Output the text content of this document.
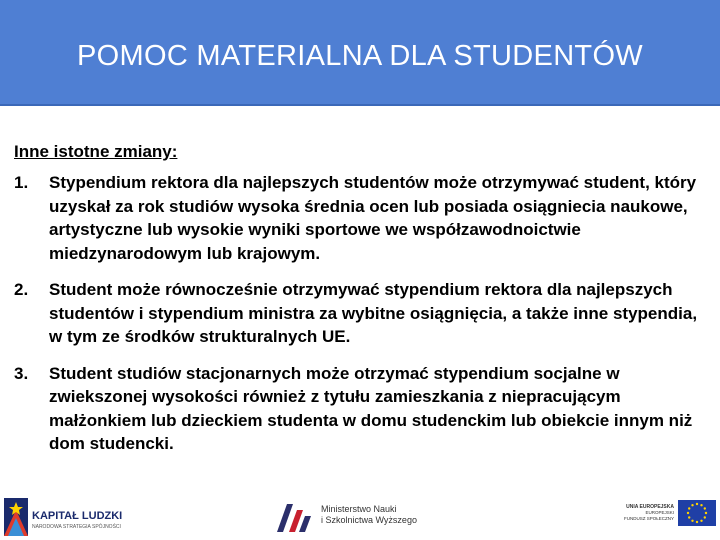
POMOC MATERIALNA DLA STUDENTÓW
Inne istotne zmiany:
1. Stypendium rektora dla najlepszych studentów może otrzymywać student, który uzyskał za rok studiów wysoka średnia ocen lub posiada osiągniecia naukowe, artystyczne lub wysokie wyniki sportowe we współzawodnoictwie miedzynarodowym lub krajowym.
2. Student może równocześnie otrzymywać stypendium rektora dla najlepszych studentów i stypendium ministra za wybitne osiągnięcia, a także inne stypendia, w tym ze środków strukturalnych UE.
3. Student studiów stacjonarnych może otrzymać stypendium socjalne w zwiekszonej wysokości również z tytułu zamieszkania z niepracującym małżonkiem lub dzieckiem studenta w domu studenckim lub obiekcie innym niż dom studencki.
KAPITAŁ LUDZKI
NARODOWA STRATEGIA SPÓJNOŚCI
Ministerstwo Nauki
i Szkolnictwa Wyższego
UNIA EUROPEJSKA
EUROPEJSKI
FUNDUSZ SPOŁECZNY
